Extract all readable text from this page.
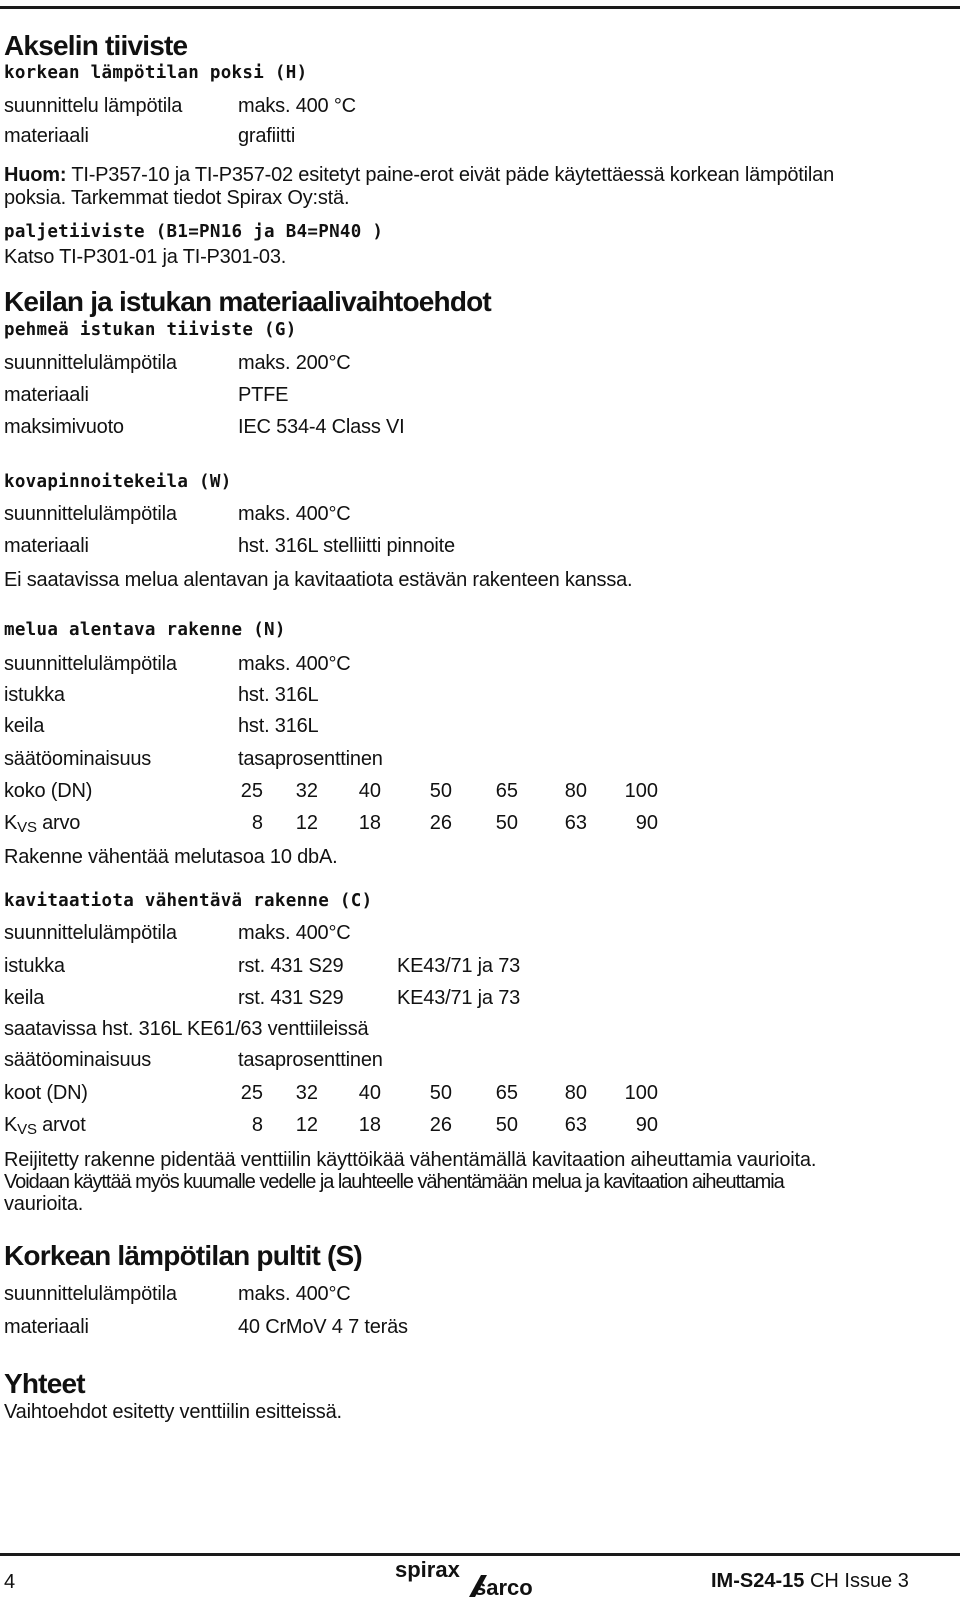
Akselin tiiviste
korkean lämpötilan poksi (H)
suunnittelu lämpötila	maks. 400 °C
materiaali	grafiitti
Huom: TI-P357-10 ja TI-P357-02 esitetyt paine-erot eivät päde käytettäessä korkean lämpötilan
poksia. Tarkemmat tiedot Spirax Oy:stä.
paljetiiviste (B1=PN16 ja B4=PN40 )
Katso TI-P301-01 ja TI-P301-03.
Keilan ja istukan materiaalivaihtoehdot
pehmeä istukan tiiviste (G)
suunnittelulämpötila	maks. 200°C
materiaali	PTFE
maksimivuoto	IEC 534-4 Class VI
kovapinnoitekeila (W)
suunnittelulämpötila	maks. 400°C
materiaali	hst. 316L stelliitti pinnoite
Ei saatavissa melua alentavan ja kavitaatiota estävän rakenteen kanssa.
melua alentava rakenne (N)
suunnittelulämpötila	maks. 400°C
istukka	hst. 316L
keila	hst. 316L
säätöominaisuus	tasaprosenttinen
koko (DN)	25	32	40	50	65	80	100
KVS arvo	8	12	18	26	50	63	90
Rakenne vähentää melutasoa 10 dbA.
kavitaatiota vähentävä rakenne (C)
suunnittelulämpötila	maks. 400°C
istukka	rst. 431 S29	KE43/71 ja 73
keila	rst. 431 S29	KE43/71 ja 73
saatavissa hst. 316L KE61/63 venttiileissä
säätöominaisuus	tasaprosenttinen
koot (DN)	25	32	40	50	65	80	100
KVS arvot	8	12	18	26	50	63	90
Reijitetty rakenne pidentää venttiilin käyttöikää vähentämällä kavitaation aiheuttamia vaurioita.
Voidaan käyttää myös kuumalle vedelle ja lauhteelle vähentämään melua ja kavitaation aiheuttamia
vaurioita.
Korkean lämpötilan pultit (S)
suunnittelulämpötila	maks. 400°C
materiaali	40 CrMoV 4 7 teräs
Yhteet
Vaihtoehdot esitetty venttiilin esitteissä.
4	spirax
sarco	IM-S24-15 CH Issue 3
